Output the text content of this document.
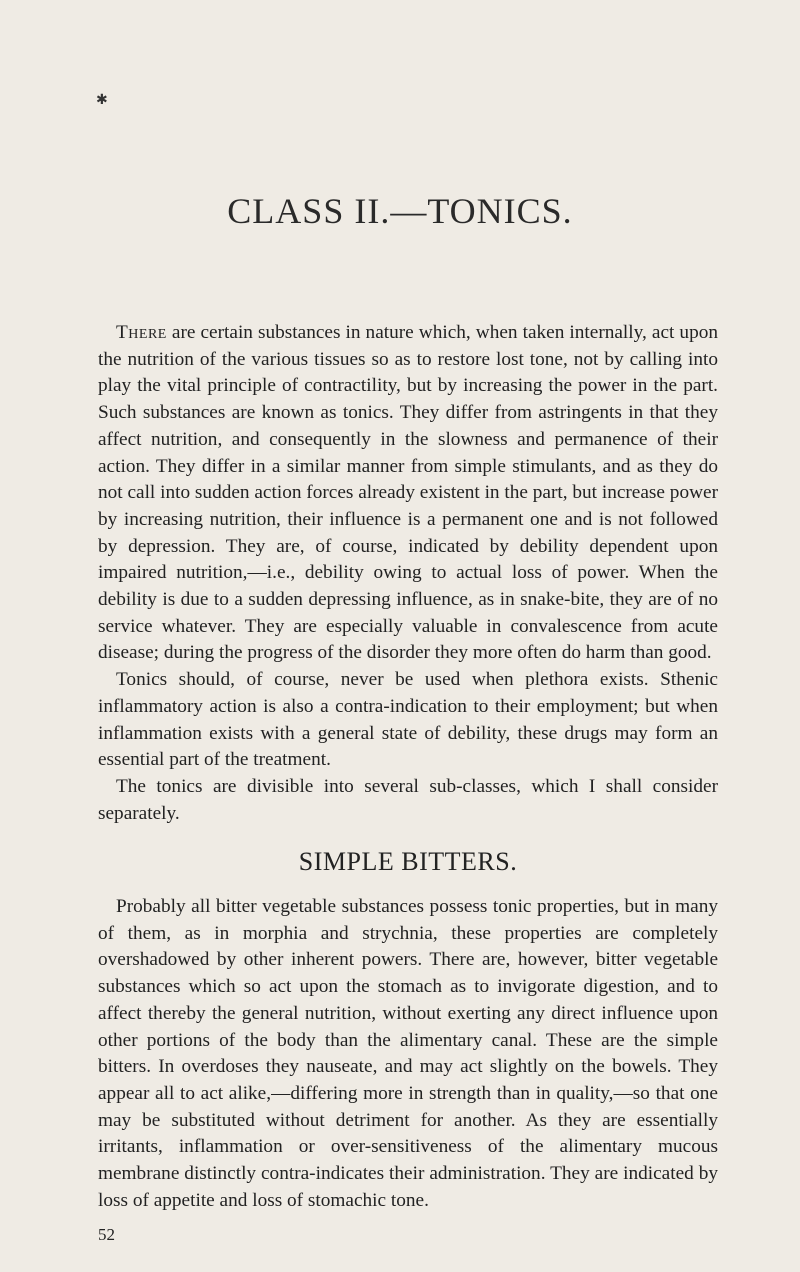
✱
CLASS II.—TONICS.

There are certain substances in nature which, when taken internally, act upon the nutrition of the various tissues so as to restore lost tone, not by calling into play the vital principle of contractility, but by increasing the power in the part. Such substances are known as tonics. They differ from astringents in that they affect nutrition, and consequently in the slowness and permanence of their action. They differ in a similar manner from simple stimulants, and as they do not call into sudden action forces already existent in the part, but increase power by increasing nutrition, their influence is a permanent one and is not followed by depression. They are, of course, indicated by debility dependent upon impaired nutrition,—i.e., debility owing to actual loss of power. When the debility is due to a sudden depressing influence, as in snake-bite, they are of no service whatever. They are especially valuable in convalescence from acute disease; during the progress of the disorder they more often do harm than good.

Tonics should, of course, never be used when plethora exists. Sthenic inflammatory action is also a contra-indication to their employment; but when inflammation exists with a general state of debility, these drugs may form an essential part of the treatment.

The tonics are divisible into several sub-classes, which I shall consider separately.

SIMPLE BITTERS.

Probably all bitter vegetable substances possess tonic properties, but in many of them, as in morphia and strychnia, these properties are completely overshadowed by other inherent powers. There are, however, bitter vegetable substances which so act upon the stomach as to invigorate digestion, and to affect thereby the general nutrition, without exerting any direct influence upon other portions of the body than the alimentary canal. These are the simple bitters. In overdoses they nauseate, and may act slightly on the bowels. They appear all to act alike,—differing more in strength than in quality,—so that one may be substituted without detriment for another. As they are essentially irritants, inflammation or over-sensitiveness of the alimentary mucous membrane distinctly contra-indicates their administration. They are indicated by loss of appetite and loss of stomachic tone.

52
